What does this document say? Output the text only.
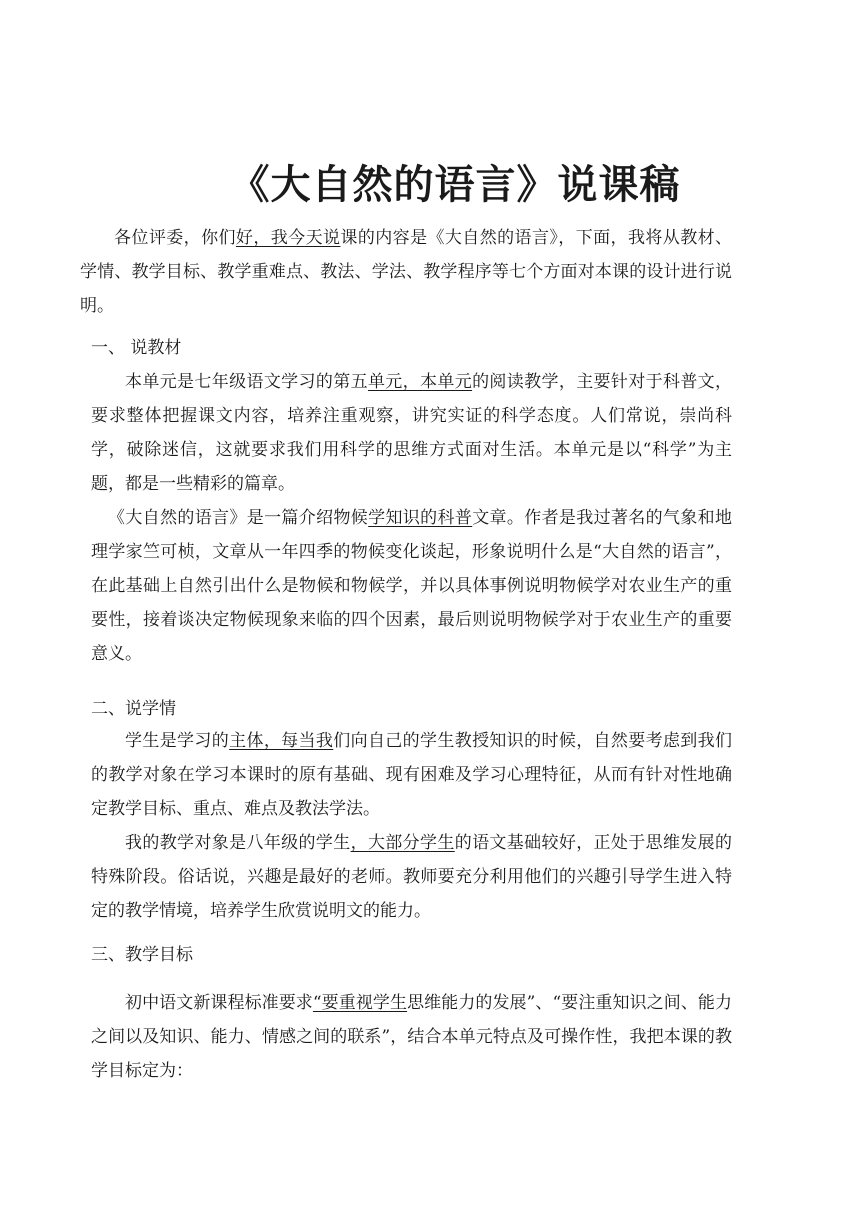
《大自然的语言》说课稿

各位评委，你们好，我今天说课的内容是《大自然的语言》，下面，我将从教材、学情、教学目标、教学重难点、教法、学法、教学程序等七个方面对本课的设计进行说明。

一、 说教材

本单元是七年级语文学习的第五单元，本单元的阅读教学，主要针对于科普文，要求整体把握课文内容，培养注重观察，讲究实证的科学态度。人们常说，崇尚科学，破除迷信，这就要求我们用科学的思维方式面对生活。本单元是以“科学”为主题，都是一些精彩的篇章。

《大自然的语言》是一篇介绍物候学知识的科普文章。作者是我过著名的气象和地理学家竺可桢，文章从一年四季的物候变化谈起，形象说明什么是“大自然的语言”，在此基础上自然引出什么是物候和物候学，并以具体事例说明物候学对农业生产的重要性，接着谈决定物候现象来临的四个因素，最后则说明物候学对于农业生产的重要意义。

二、说学情

学生是学习的主体，每当我们向自己的学生教授知识的时候，自然要考虑到我们的教学对象在学习本课时的原有基础、现有困难及学习心理特征，从而有针对性地确定教学目标、重点、难点及教法学法。

我的教学对象是八年级的学生，大部分学生的语文基础较好，正处于思维发展的特殊阶段。俗话说，兴趣是最好的老师。教师要充分利用他们的兴趣引导学生进入特定的教学情境，培养学生欣赏说明文的能力。

三、教学目标

初中语文新课程标准要求“要重视学生思维能力的发展”、“要注重知识之间、能力之间以及知识、能力、情感之间的联系”，结合本单元特点及可操作性，我把本课的教学目标定为：
